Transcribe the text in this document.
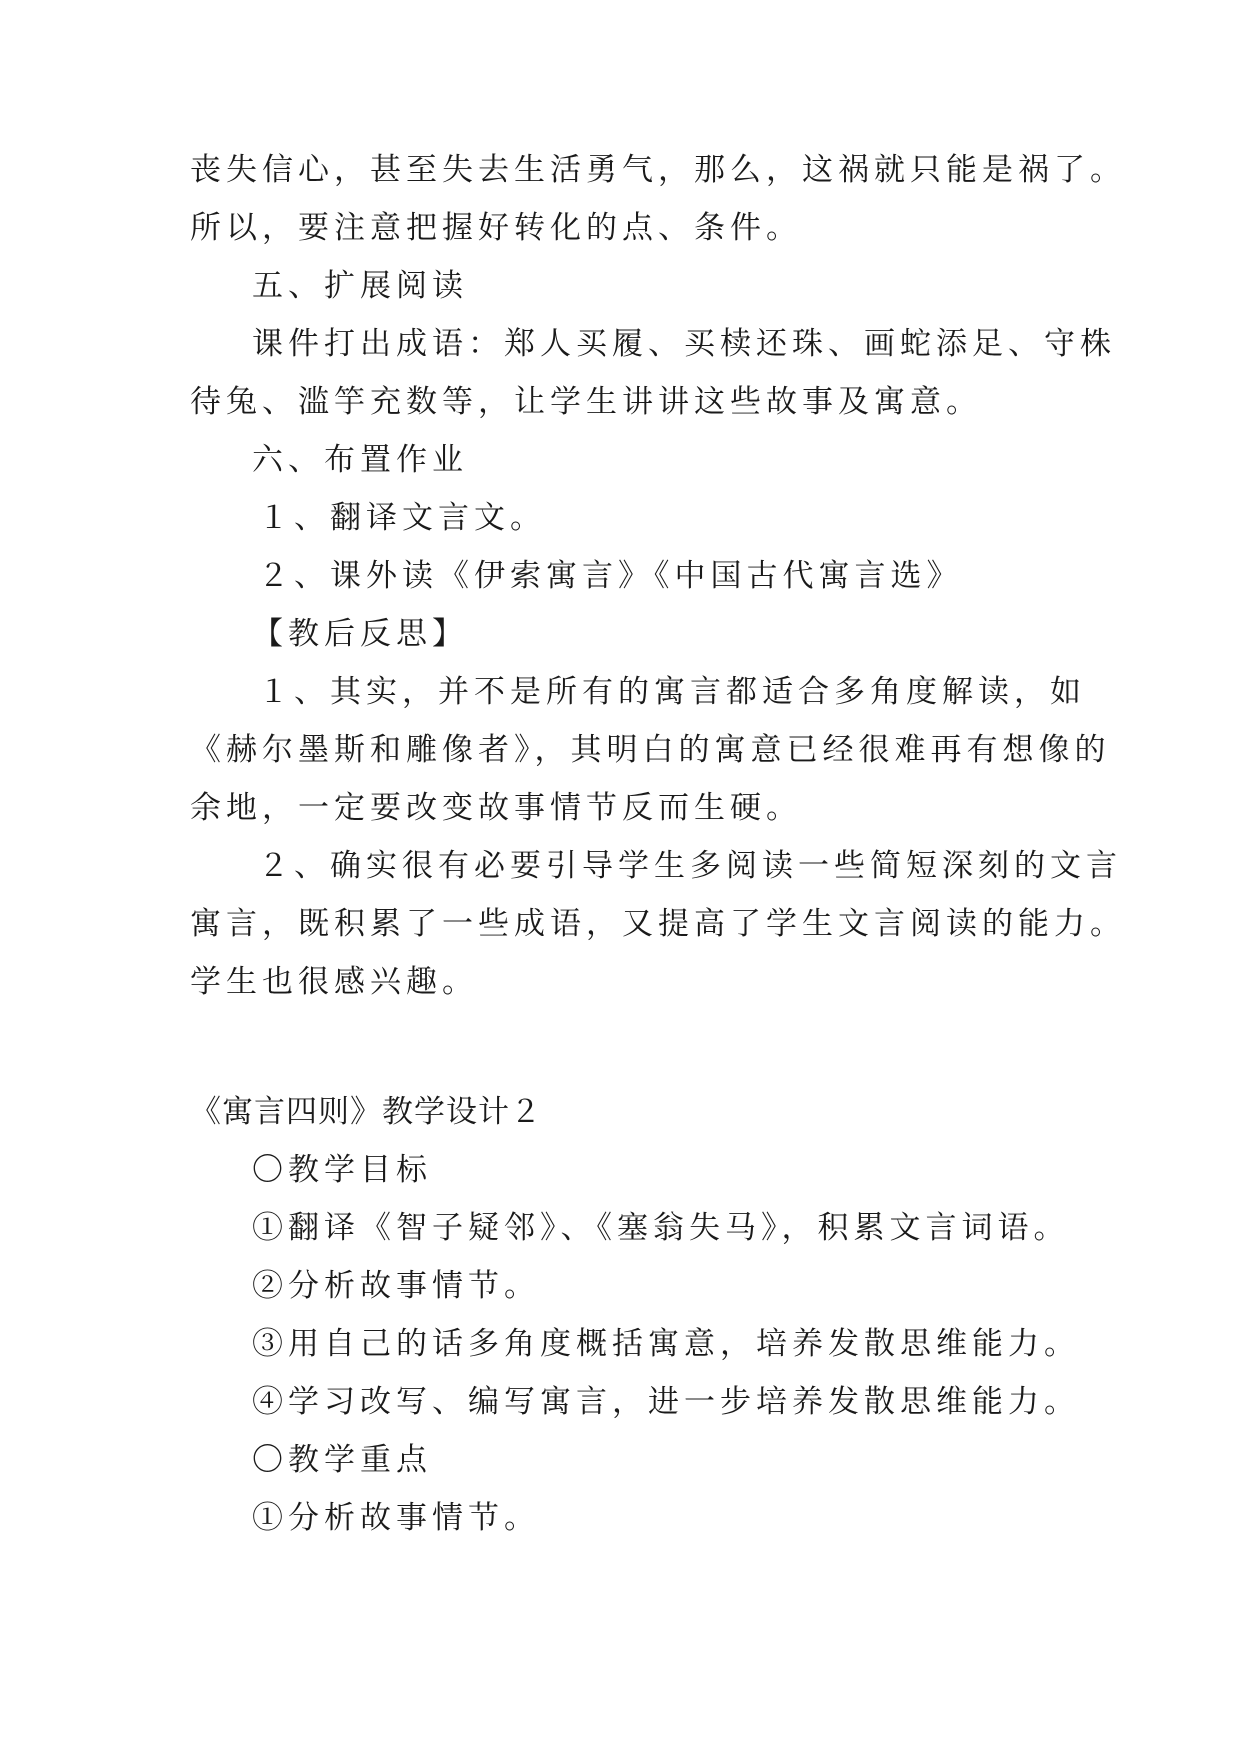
丧失信心，甚至失去生活勇气，那么，这祸就只能是祸了。
所以，要注意把握好转化的点、条件。
五、扩展阅读
课件打出成语：郑人买履、买椟还珠、画蛇添足、守株
待兔、滥竽充数等，让学生讲讲这些故事及寓意。
六、布置作业
１、翻译文言文。
２、课外读《伊索寓言》《中国古代寓言选》
【教后反思】
１、其实，并不是所有的寓言都适合多角度解读，如
《赫尔墨斯和雕像者》，其明白的寓意已经很难再有想像的
余地，一定要改变故事情节反而生硬。
２、确实很有必要引导学生多阅读一些简短深刻的文言
寓言，既积累了一些成语，又提高了学生文言阅读的能力。
学生也很感兴趣。
《寓言四则》教学设计２
〇教学目标
①翻译《智子疑邻》、《塞翁失马》，积累文言词语。
②分析故事情节。
③用自己的话多角度概括寓意，培养发散思维能力。
④学习改写、编写寓言，进一步培养发散思维能力。
〇教学重点
①分析故事情节。
